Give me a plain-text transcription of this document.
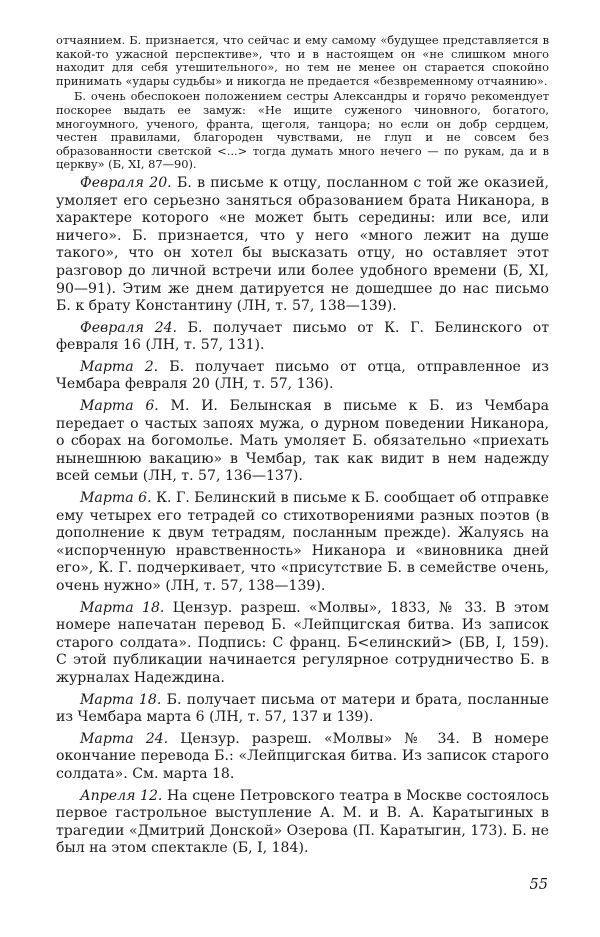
отчаянием. Б. признается, что сейчас и ему самому «будущее представляется в какой-то ужасной перспективе», что и в настоящем он «не слишком много находит для себя утешительного», но тем не менее он старается спокойно принимать «удары судьбы» и никогда не предается «безвременному отчаянию».

Б. очень обеспокоен положением сестры Александры и горячо рекомендует поскорее выдать ее замуж: «Не ищите суженого чиновного, богатого, многоумного, ученого, франта, щеголя, танцора; но если он добр сердцем, честен правилами, благороден чувствами, не глуп и не совсем без образованности светской <...> тогда думать много нечего — по рукам, да и в церкву» (Б, XI, 87—90).

Февраля 20. Б. в письме к отцу, посланном с той же оказией, умоляет его серьезно заняться образованием брата Никанора, в характере которого «не может быть середины: или все, или ничего». Б. признается, что у него «много лежит на душе такого», что он хотел бы высказать отцу, но оставляет этот разговор до личной встречи или более удобного времени (Б, XI, 90—91). Этим же днем датируется не дошедшее до нас письмо Б. к брату Константину (ЛН, т. 57, 138—139).

Февраля 24. Б. получает письмо от К. Г. Белинского от февраля 16 (ЛН, т. 57, 131).

Марта 2. Б. получает письмо от отца, отправленное из Чембара февраля 20 (ЛН, т. 57, 136).

Марта 6. М. И. Белынская в письме к Б. из Чембара передает о частых запоях мужа, о дурном поведении Никанора, о сборах на богомолье. Мать умоляет Б. обязательно «приехать нынешнюю вакацию» в Чембар, так как видит в нем надежду всей семьи (ЛН, т. 57, 136—137).

Марта 6. К. Г. Белинский в письме к Б. сообщает об отправке ему четырех его тетрадей со стихотворениями разных поэтов (в дополнение к двум тетрадям, посланным прежде). Жалуясь на «испорченную нравственность» Никанора и «виновника дней его», К. Г. подчеркивает, что «присутствие Б. в семействе очень, очень нужно» (ЛН, т. 57, 138—139).

Марта 18. Цензур. разреш. «Молвы», 1833, № 33. В этом номере напечатан перевод Б. «Лейпцигская битва. Из записок старого солдата». Подпись: С франц. Б<елинский> (БВ, I, 159). С этой публикации начинается регулярное сотрудничество Б. в журналах Надеждина.

Марта 18. Б. получает письма от матери и брата, посланные из Чембара марта 6 (ЛН, т. 57, 137 и 139).

Марта 24. Цензур. разреш. «Молвы» № 34. В номере окончание перевода Б.: «Лейпцигская битва. Из записок старого солдата». См. марта 18.

Апреля 12. На сцене Петровского театра в Москве состоялось первое гастрольное выступление А. М. и В. А. Каратыгиных в трагедии «Дмитрий Донской» Озерова (П. Каратыгин, 173). Б. не был на этом спектакле (Б, I, 184).

55
